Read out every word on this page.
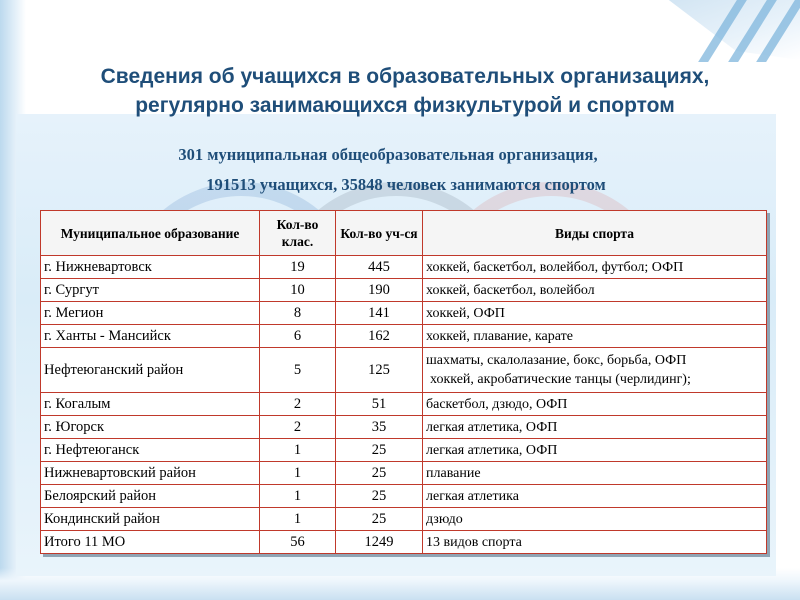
Сведения об учащихся в образовательных организациях,
регулярно занимающихся физкультурой и спортом
301 муниципальная общеобразовательная организация,
191513 учащихся, 35848 человек занимаются спортом
Муниципальное образование	Кол-во клас.	Кол-во уч-ся	Виды спорта
г. Нижневартовск	19	445	хоккей, баскетбол, волейбол, футбол; ОФП
г. Сургут	10	190	хоккей, баскетбол, волейбол
г. Мегион	8	141	хоккей, ОФП
г. Ханты - Мансийск	6	162	хоккей, плавание, карате
Нефтеюганский район	5	125	шахматы, скалолазание, бокс, борьба, ОФП
хоккей, акробатические танцы (черлидинг);

г. Когалым	2	51	баскетбол, дзюдо, ОФП
г. Югорск	2	35	легкая атлетика, ОФП
г. Нефтеюганск	1	25	легкая атлетика, ОФП
Нижневартовский район	1	25	плавание
Белоярский район	1	25	легкая атлетика
Кондинский район	1	25	дзюдо
Итого 11 МО	56	1249	13 видов спорта
